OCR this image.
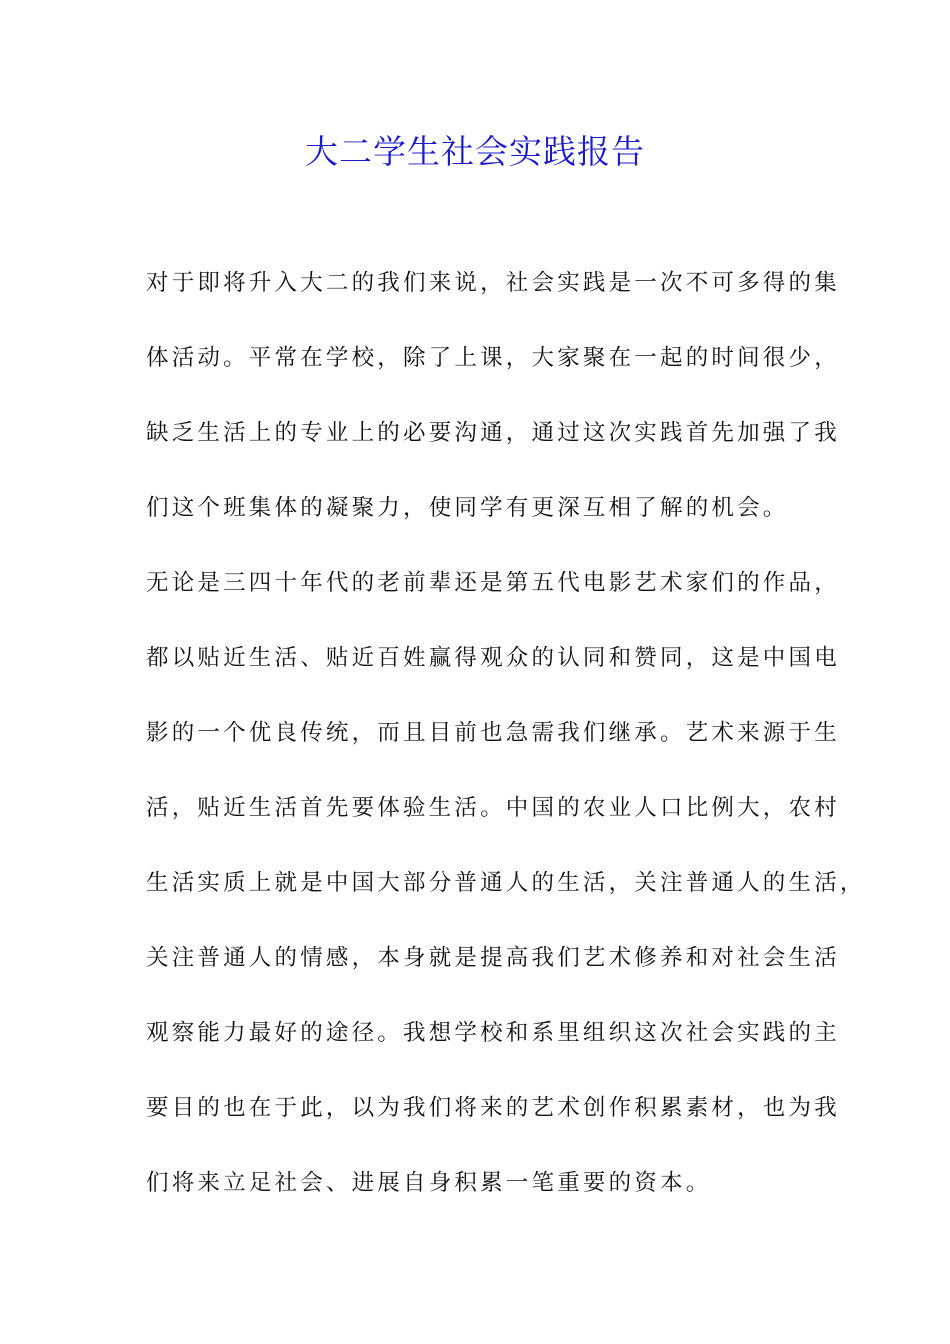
大二学生社会实践报告
对于即将升入大二的我们来说，社会实践是一次不可多得的集
体活动。平常在学校，除了上课，大家聚在一起的时间很少，
缺乏生活上的专业上的必要沟通，通过这次实践首先加强了我
们这个班集体的凝聚力，使同学有更深互相了解的机会。
无论是三四十年代的老前辈还是第五代电影艺术家们的作品，
都以贴近生活、贴近百姓赢得观众的认同和赞同，这是中国电
影的一个优良传统，而且目前也急需我们继承。艺术来源于生
活，贴近生活首先要体验生活。中国的农业人口比例大，农村
生活实质上就是中国大部分普通人的生活，关注普通人的生活，
关注普通人的情感，本身就是提高我们艺术修养和对社会生活
观察能力最好的途径。我想学校和系里组织这次社会实践的主
要目的也在于此，以为我们将来的艺术创作积累素材，也为我
们将来立足社会、进展自身积累一笔重要的资本。
